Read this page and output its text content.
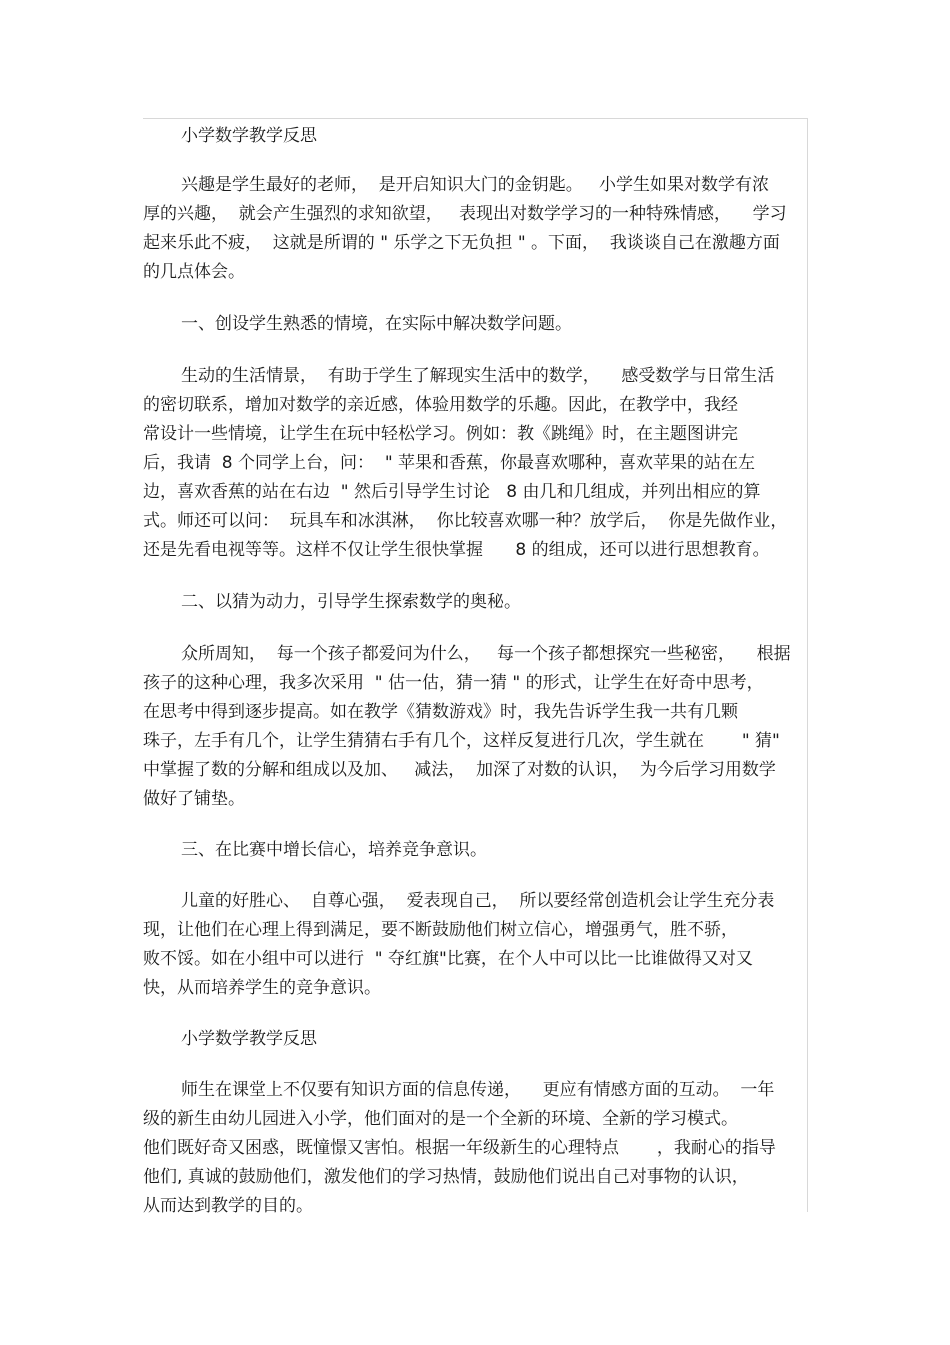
小学数学教学反思
兴趣是学生最好的老师，  是开启知识大门的金钥匙。   小学生如果对数学有浓
厚的兴趣，  就会产生强烈的求知欲望，   表现出对数学学习的一种特殊情感，    学习
起来乐此不疲，  这就是所谓的 " 乐学之下无负担 " 。下面，  我谈谈自己在激趣方面
的几点体会。
一、创设学生熟悉的情境，在实际中解决数学问题。
生动的生活情景，  有助于学生了解现实生活中的数学，    感受数学与日常生活
的密切联系，增加对数学的亲近感，体验用数学的乐趣。因此，在教学中，我经
常设计一些情境，让学生在玩中轻松学习。例如：教《跳绳》时，在主题图讲完
后，我请  8 个同学上台，问：  " 苹果和香蕉，你最喜欢哪种，喜欢苹果的站在左
边，喜欢香蕉的站在右边  " 然后引导学生讨论   8 由几和几组成，并列出相应的算
式。师还可以问：  玩具车和冰淇淋，  你比较喜欢哪一种？放学后，  你是先做作业，
还是先看电视等等。这样不仅让学生很快掌握      8 的组成，还可以进行思想教育。
二、以猜为动力，引导学生探索数学的奥秘。
众所周知，  每一个孩子都爱问为什么，   每一个孩子都想探究一些秘密，    根据
孩子的这种心理，我多次采用  " 估一估，猜一猜 " 的形式，让学生在好奇中思考，
在思考中得到逐步提高。如在教学《猜数游戏》时，我先告诉学生我一共有几颗
珠子，左手有几个，让学生猜猜右手有几个，这样反复进行几次，学生就在       " 猜"
中掌握了数的分解和组成以及加、   减法，  加深了对数的认识，  为今后学习用数学
做好了铺垫。
三、在比赛中增长信心，培养竞争意识。
儿童的好胜心、  自尊心强，  爱表现自己，  所以要经常创造机会让学生充分表
现，让他们在心理上得到满足，要不断鼓励他们树立信心，增强勇气，胜不骄，
败不馁。如在小组中可以进行  " 夺红旗"比赛，在个人中可以比一比谁做得又对又
快，从而培养学生的竞争意识。
小学数学教学反思
师生在课堂上不仅要有知识方面的信息传递，    更应有情感方面的互动。  一年
级的新生由幼儿园进入小学，他们面对的是一个全新的环境、全新的学习模式。
他们既好奇又困惑，既憧憬又害怕。根据一年级新生的心理特点       ，我耐心的指导
他们, 真诚的鼓励他们，激发他们的学习热情，鼓励他们说出自己对事物的认识，
从而达到教学的目的。
